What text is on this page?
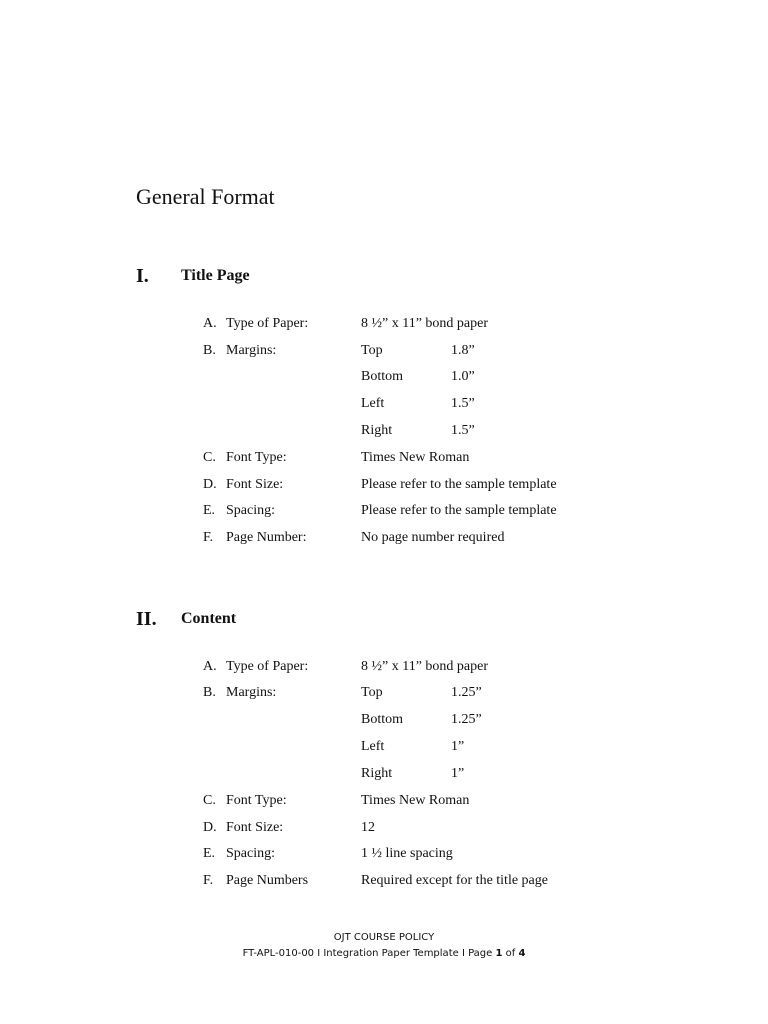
General Format
I. Title Page
A. Type of Paper:	8 ½” x 11” bond paper
B. Margins:	Top	1.8”
Bottom	1.0”
Left	1.5”
Right	1.5”
C. Font Type:	Times New Roman
D. Font Size:	Please refer to the sample template
E. Spacing:	Please refer to the sample template
F. Page Number:	No page number required
II. Content
A. Type of Paper:	8 ½” x 11” bond paper
B. Margins:	Top	1.25”
Bottom	1.25”
Left	1”
Right	1”
C. Font Type:	Times New Roman
D. Font Size:	12
E. Spacing:	1 ½ line spacing
F. Page Numbers	Required except for the title page
OJT COURSE POLICY
FT-APL-010-00 I Integration Paper Template I Page 1 of 4
